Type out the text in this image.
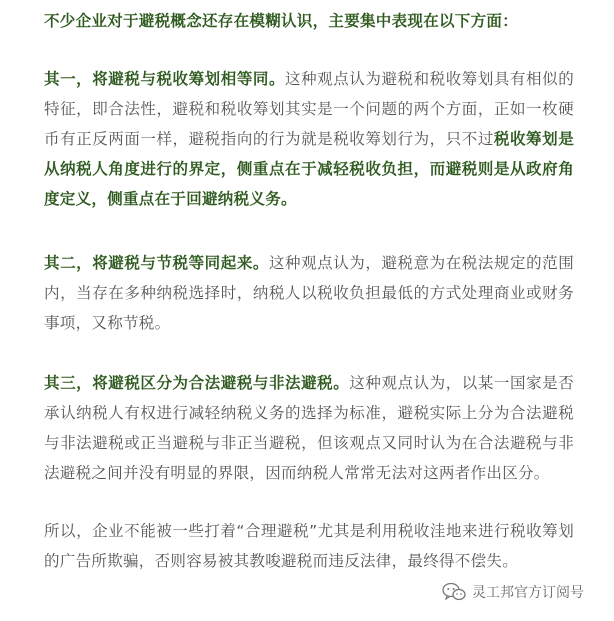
不少企业对于避税概念还存在模糊认识，主要集中表现在以下方面：

其一，将避税与税收筹划相等同。这种观点认为避税和税收筹划具有相似的特征，即合法性，避税和税收筹划其实是一个问题的两个方面，正如一枚硬币有正反两面一样，避税指向的行为就是税收筹划行为，只不过税收筹划是从纳税人角度进行的界定，侧重点在于减轻税收负担，而避税则是从政府角度定义，侧重点在于回避纳税义务。

其二，将避税与节税等同起来。这种观点认为，避税意为在税法规定的范围内，当存在多种纳税选择时，纳税人以税收负担最低的方式处理商业或财务事项，又称节税。

其三，将避税区分为合法避税与非法避税。这种观点认为，以某一国家是否承认纳税人有权进行减轻纳税义务的选择为标准，避税实际上分为合法避税与非法避税或正当避税与非正当避税，但该观点又同时认为在合法避税与非法避税之间并没有明显的界限，因而纳税人常常无法对这两者作出区分。

所以，企业不能被一些打着“合理避税”尤其是利用税收洼地来进行税收筹划的广告所欺骗，否则容易被其教唆避税而违反法律，最终得不偿失。

灵工邦官方订阅号
